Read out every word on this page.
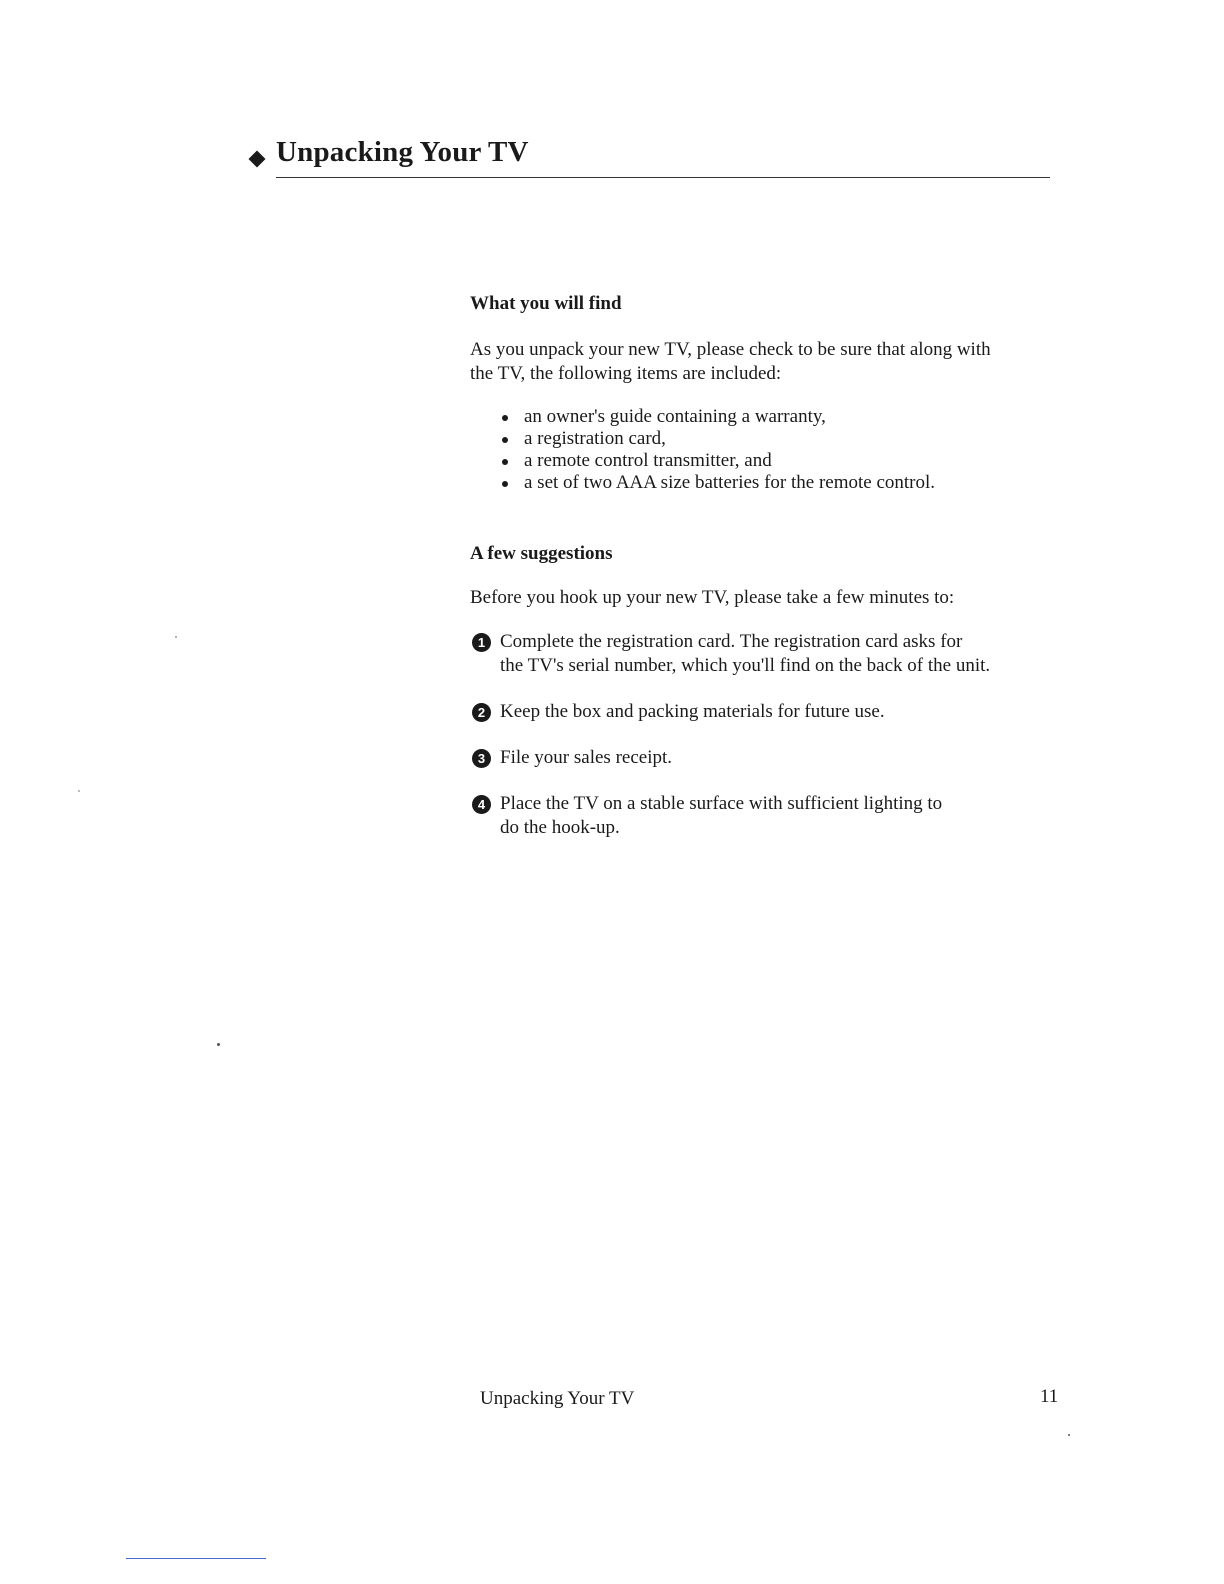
Unpacking Your TV
What you will find

As you unpack your new TV, please check to be sure that along with
the TV, the following items are included:

an owner's guide containing a warranty,
a registration card,
a remote control transmitter, and
a set of two AAA size batteries for the remote control.
A few suggestions

Before you hook up your new TV, please take a few minutes to:

1 Complete the registration card. The registration card asks for
the TV's serial number, which you'll find on the back of the unit.
2 Keep the box and packing materials for future use.
3 File your sales receipt.
4 Place the TV on a stable surface with sufficient lighting to
do the hook-up.
Unpacking Your TV	11
